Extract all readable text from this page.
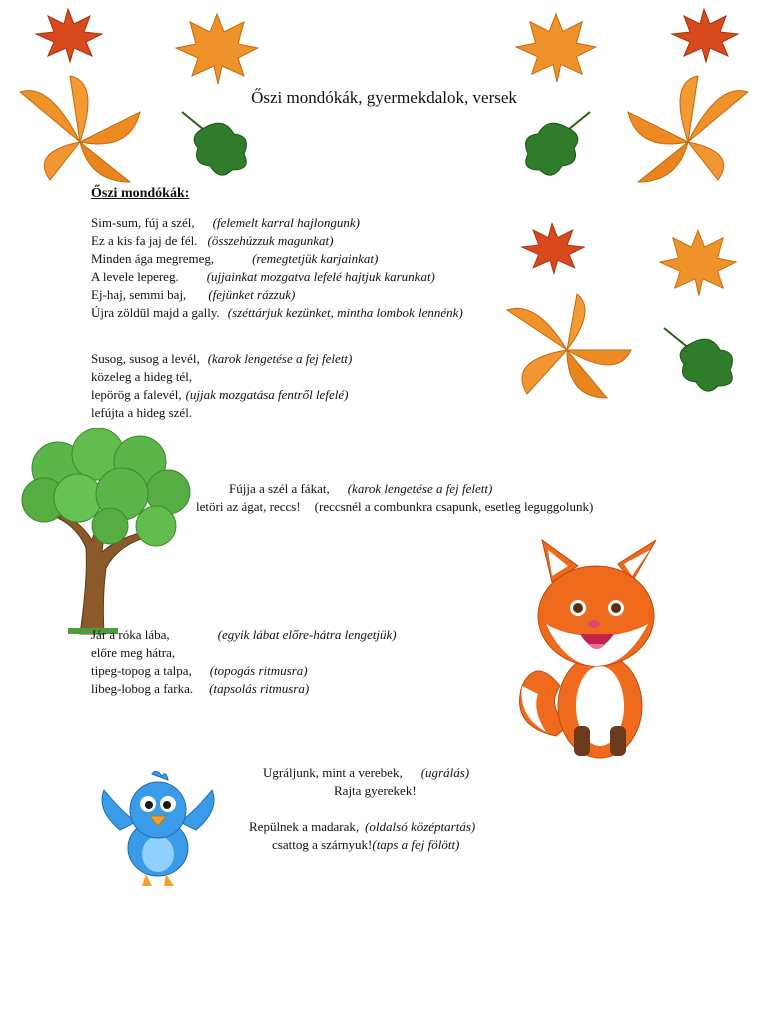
Őszi mondókák, gyermekdalok, versek
Őszi mondókák:
Sim-sum, fúj a szél, (felemelt karral hajlongunk)
Ez a kis fa jaj de fél. (összehúzzuk magunkat)
Minden ága megremeg,	(remegtetjük karjainkat)
A levele lepereg. (ujjainkat mozgatva lefelé hajtjuk karunkat)
Ej-haj, semmi baj, (fejünket rázzuk)
Újra zöldül majd a gally. (széttárjuk kezünket, mintha lombok lennénk)
Susog, susog a levél, (karok lengetése a fej felett)
közeleg a hideg tél,
lepörög a falevél, (ujjak mozgatása fentről lefelé)
lefújta a hideg szél.
Fújja a szél a fákat, (karok lengetése a fej felett)
letöri az ágat, reccs! (reccsnél a combunkra csapunk, esetleg leguggolunk)
Jár a róka lába,	(egyik lábat előre-hátra lengetjük)
előre meg hátra,
tipeg-topog a talpa, (topogás ritmusra)
libeg-lobog a farka. (tapsolás ritmusra)
Ugráljunk, mint a verebek, (ugrálás)
Rajta gyerekek!
Repülnek a madarak, (oldalsó középtartás)
csattog a szárnyuk!(taps a fej fölött)
